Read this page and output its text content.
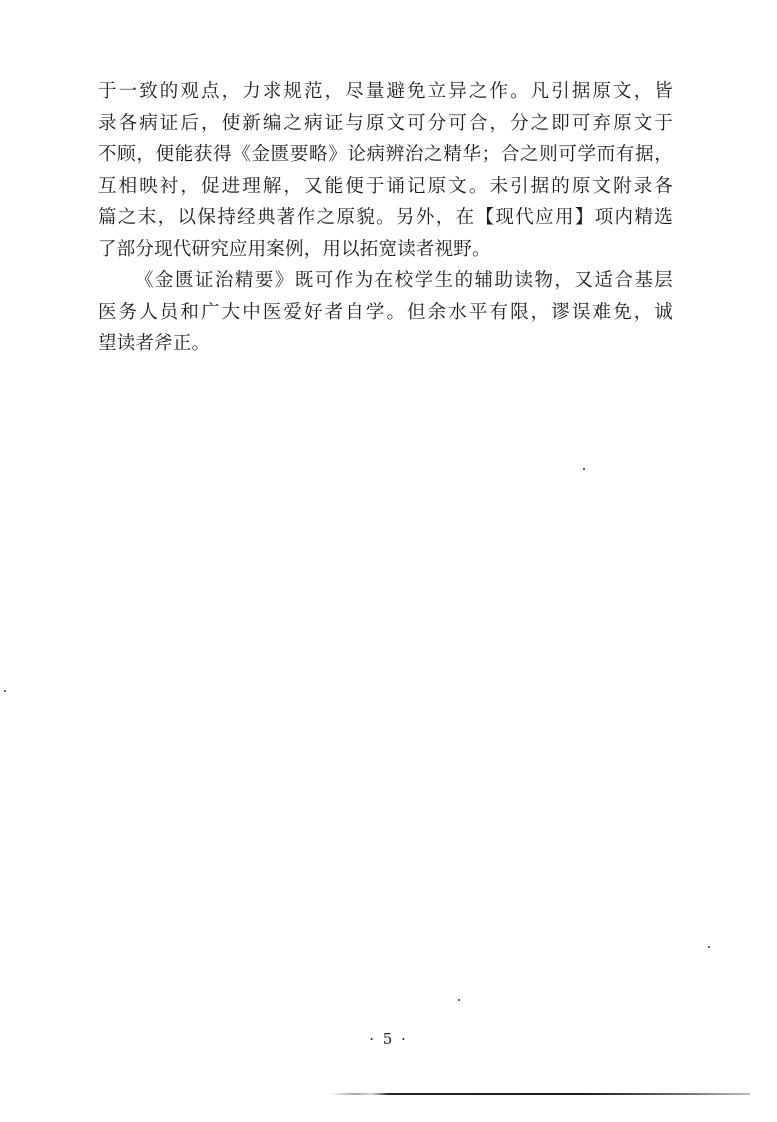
于一致的观点，力求规范，尽量避免立异之作。凡引据原文，皆
录各病证后，使新编之病证与原文可分可合，分之即可弃原文于
不顾，便能获得《金匮要略》论病辨治之精华；合之则可学而有据，
互相映衬，促进理解，又能便于诵记原文。未引据的原文附录各
篇之末，以保持经典著作之原貌。另外，在【现代应用】项内精选
了部分现代研究应用案例，用以拓宽读者视野。
《金匮证治精要》既可作为在校学生的辅助读物，又适合基层
医务人员和广大中医爱好者自学。但余水平有限，谬误难免，诚
望读者斧正。
· 5 ·
